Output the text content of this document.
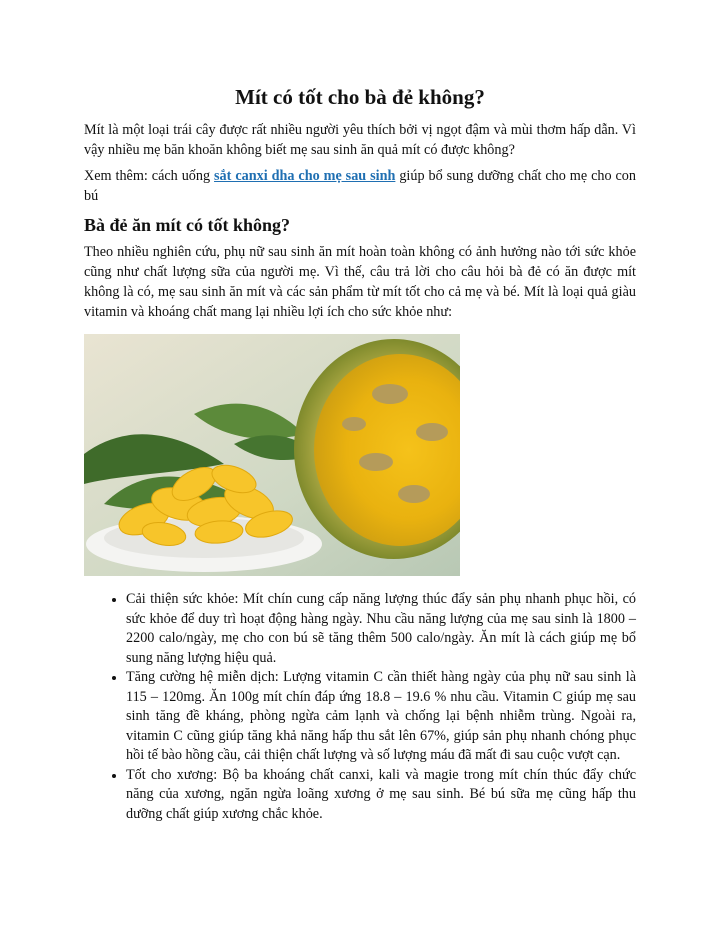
Mít có tốt cho bà đẻ không?

Mít là một loại trái cây được rất nhiều người yêu thích bởi vị ngọt đậm và mùi thơm hấp dẫn. Vì vậy nhiều mẹ băn khoăn không biết mẹ sau sinh ăn quả mít có được không?

Xem thêm: cách uống sắt canxi dha cho mẹ sau sinh giúp bổ sung dưỡng chất cho mẹ cho con bú

Bà đẻ ăn mít có tốt không?

Theo nhiều nghiên cứu, phụ nữ sau sinh ăn mít hoàn toàn không có ảnh hưởng nào tới sức khỏe cũng như chất lượng sữa của người mẹ. Vì thế, câu trả lời cho câu hỏi bà đẻ có ăn được mít không là có, mẹ sau sinh ăn mít và các sản phẩm từ mít tốt cho cả mẹ và bé. Mít là loại quả giàu vitamin và khoáng chất mang lại nhiều lợi ích cho sức khỏe như:

• Cải thiện sức khỏe: Mít chín cung cấp năng lượng thúc đẩy sản phụ nhanh phục hồi, có sức khỏe để duy trì hoạt động hàng ngày. Nhu cầu năng lượng của mẹ sau sinh là 1800 – 2200 calo/ngày, mẹ cho con bú sẽ tăng thêm 500 calo/ngày. Ăn mít là cách giúp mẹ bổ sung năng lượng hiệu quả.
• Tăng cường hệ miễn dịch: Lượng vitamin C cần thiết hàng ngày của phụ nữ sau sinh là 115 – 120mg. Ăn 100g mít chín đáp ứng 18.8 – 19.6 % nhu cầu. Vitamin C giúp mẹ sau sinh tăng đề kháng, phòng ngừa cảm lạnh và chống lại bệnh nhiễm trùng. Ngoài ra, vitamin C cũng giúp tăng khả năng hấp thu sắt lên 67%, giúp sản phụ nhanh chóng phục hồi tế bào hồng cầu, cải thiện chất lượng và số lượng máu đã mất đi sau cuộc vượt cạn.
• Tốt cho xương: Bộ ba khoáng chất canxi, kali và magie trong mít chín thúc đẩy chức năng của xương, ngăn ngừa loãng xương ở mẹ sau sinh. Bé bú sữa mẹ cũng hấp thu dưỡng chất giúp xương chắc khỏe.
